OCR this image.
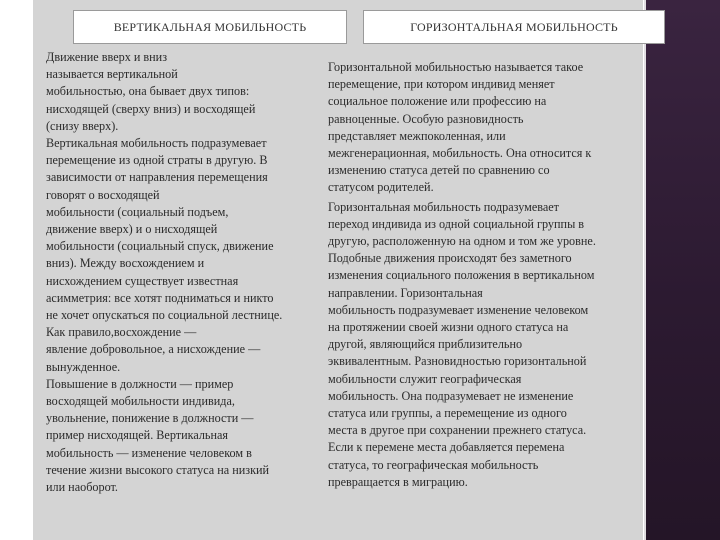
ВЕРТИКАЛЬНАЯ МОБИЛЬНОСТЬ	ГОРИЗОНТАЛЬНАЯ МОБИЛЬНОСТЬ

Движение вверх и вниз

называется вертикальной

мобильностью, она бывает двух типов:

нисходящей (сверху вниз) и восходящей

(снизу вверх).

Вертикальная мобильность подразумевает

перемещение из одной страты в другую. В

зависимости от направления перемещения

говорят о восходящей

мобильности (социальный подъем,

движение вверх) и о нисходящей

мобильности (социальный спуск, движение

вниз). Между восхождением и

нисхождением существует известная

асимметрия: все хотят подниматься и никто

не хочет опускаться по социальной лестнице.

Как правило,восхождение —

явление добровольное, а нисхождение —

вынужденное.

Повышение в должности — пример

восходящей мобильности индивида,

увольнение, понижение в должности —

пример нисходящей. Вертикальная

мобильность — изменение человеком в

течение жизни высокого статуса на низкий

или наоборот.

Горизонтальной мобильностью называется такое

перемещение, при котором индивид меняет

социальное положение или профессию на

равноценные. Особую разновидность

представляет межпоколенная, или

межгенерационная, мобильность. Она относится к

изменению статуса детей по сравнению со

статусом родителей.

Горизонтальная мобильность подразумевает

переход индивида из одной социальной группы в

другую, расположенную на одном и том же уровне.

Подобные движения происходят без заметного

изменения социального положения в вертикальном

направлении. Горизонтальная

мобильность подразумевает изменение человеком

на протяжении своей жизни одного статуса на

другой, являющийся приблизительно

эквивалентным. Разновидностью горизонтальной

мобильности служит географическая

мобильность. Она подразумевает не изменение

статуса или группы, а перемещение из одного

места в другое при сохранении прежнего статуса.

Если к перемене места добавляется перемена

статуса, то географическая мобильность

превращается в миграцию.
